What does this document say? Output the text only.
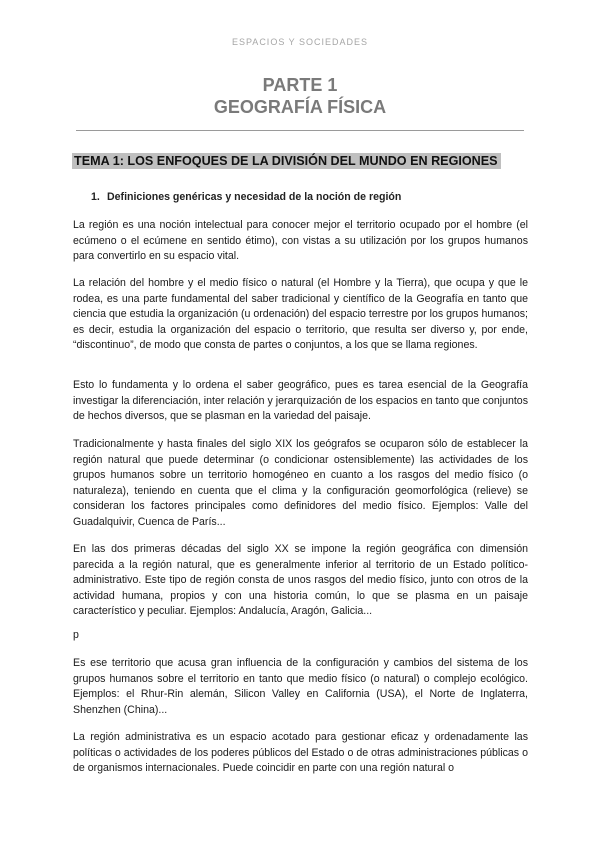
ESPACIOS Y SOCIEDADES
PARTE 1
GEOGRAFÍA FÍSICA
TEMA 1: LOS ENFOQUES DE LA DIVISIÓN DEL MUNDO EN REGIONES
1. Definiciones genéricas y necesidad de la noción de región

La región es una noción intelectual para conocer mejor el territorio ocupado por el hombre (el ecúmeno o el ecúmene en sentido étimo), con vistas a su utilización por los grupos humanos para convertirlo en su espacio vital.

La relación del hombre y el medio físico o natural (el Hombre y la Tierra), que ocupa y que le rodea, es una parte fundamental del saber tradicional y científico de la Geografía en tanto que ciencia que estudia la organización (u ordenación) del espacio terrestre por los grupos humanos; es decir, estudia la organización del espacio o territorio, que resulta ser diverso y, por ende, “discontinuo”, de modo que consta de partes o conjuntos, a los que se llama regiones.

Esto lo fundamenta y lo ordena el saber geográfico, pues es tarea esencial de la Geografía investigar la diferenciación, inter relación y jerarquización de los espacios en tanto que conjuntos de hechos diversos, que se plasman en la variedad del paisaje.

Tradicionalmente y hasta finales del siglo XIX los geógrafos se ocuparon sólo de establecer la región natural que puede determinar (o condicionar ostensiblemente) las actividades de los grupos humanos sobre un territorio homogéneo en cuanto a los rasgos del medio físico (o naturaleza), teniendo en cuenta que el clima y la configuración geomorfológica (relieve) se consideran los factores principales como definidores del medio físico. Ejemplos: Valle del Guadalquivir, Cuenca de París...

En las dos primeras décadas del siglo XX se impone la región geográfica con dimensión parecida a la región natural, que es generalmente inferior al territorio de un Estado político-administrativo. Este tipo de región consta de unos rasgos del medio físico, junto con otros de la actividad humana, propios y con una historia común, lo que se plasma en un paisaje característico y peculiar. Ejemplos: Andalucía, Aragón, Galicia...

p

Es ese territorio que acusa gran influencia de la configuración y cambios del sistema de los grupos humanos sobre el territorio en tanto que medio físico (o natural) o complejo ecológico. Ejemplos: el Rhur-Rin alemán, Silicon Valley en California (USA), el Norte de Inglaterra, Shenzhen (China)...

La región administrativa es un espacio acotado para gestionar eficaz y ordenadamente las políticas o actividades de los poderes públicos del Estado o de otras administraciones públicas o de organismos internacionales. Puede coincidir en parte con una región natural o
